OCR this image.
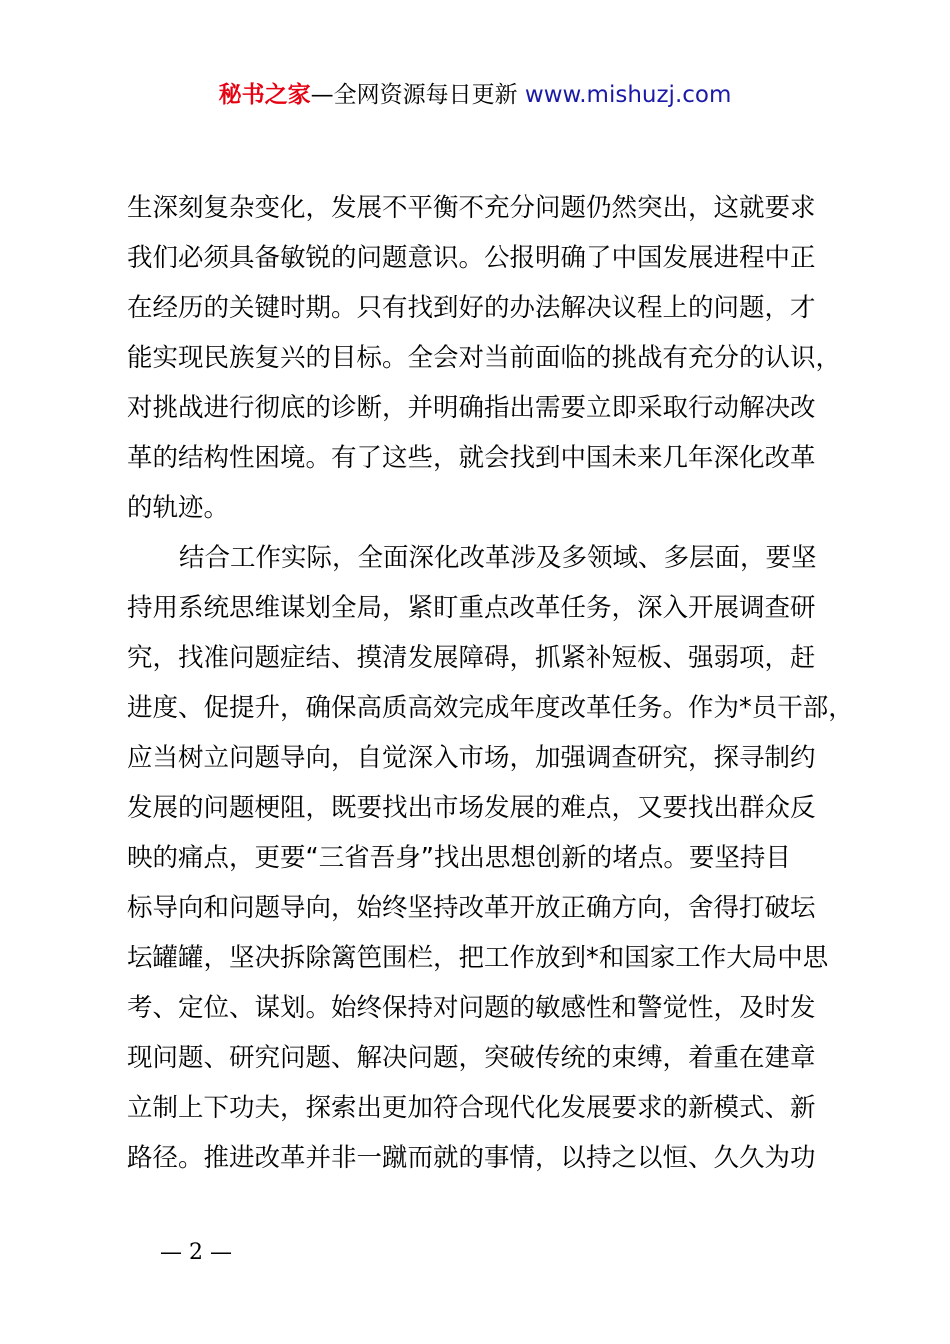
秘书之家—全网资源每日更新 www.mishuzj.com
生深刻复杂变化，发展不平衡不充分问题仍然突出，这就要求
我们必须具备敏锐的问题意识。公报明确了中国发展进程中正
在经历的关键时期。只有找到好的办法解决议程上的问题，才
能实现民族复兴的目标。全会对当前面临的挑战有充分的认识，
对挑战进行彻底的诊断，并明确指出需要立即采取行动解决改
革的结构性困境。有了这些，就会找到中国未来几年深化改革
的轨迹。
结合工作实际，全面深化改革涉及多领域、多层面，要坚
持用系统思维谋划全局，紧盯重点改革任务，深入开展调查研
究，找准问题症结、摸清发展障碍，抓紧补短板、强弱项，赶
进度、促提升，确保高质高效完成年度改革任务。作为*员干部，
应当树立问题导向，自觉深入市场，加强调查研究，探寻制约
发展的问题梗阻，既要找出市场发展的难点，又要找出群众反
映的痛点，更要“三省吾身”找出思想创新的堵点。要坚持目
标导向和问题导向，始终坚持改革开放正确方向，舍得打破坛
坛罐罐，坚决拆除篱笆围栏，把工作放到*和国家工作大局中思
考、定位、谋划。始终保持对问题的敏感性和警觉性，及时发
现问题、研究问题、解决问题，突破传统的束缚，着重在建章
立制上下功夫，探索出更加符合现代化发展要求的新模式、新
路径。推进改革并非一蹴而就的事情，以持之以恒、久久为功
— 2 —
